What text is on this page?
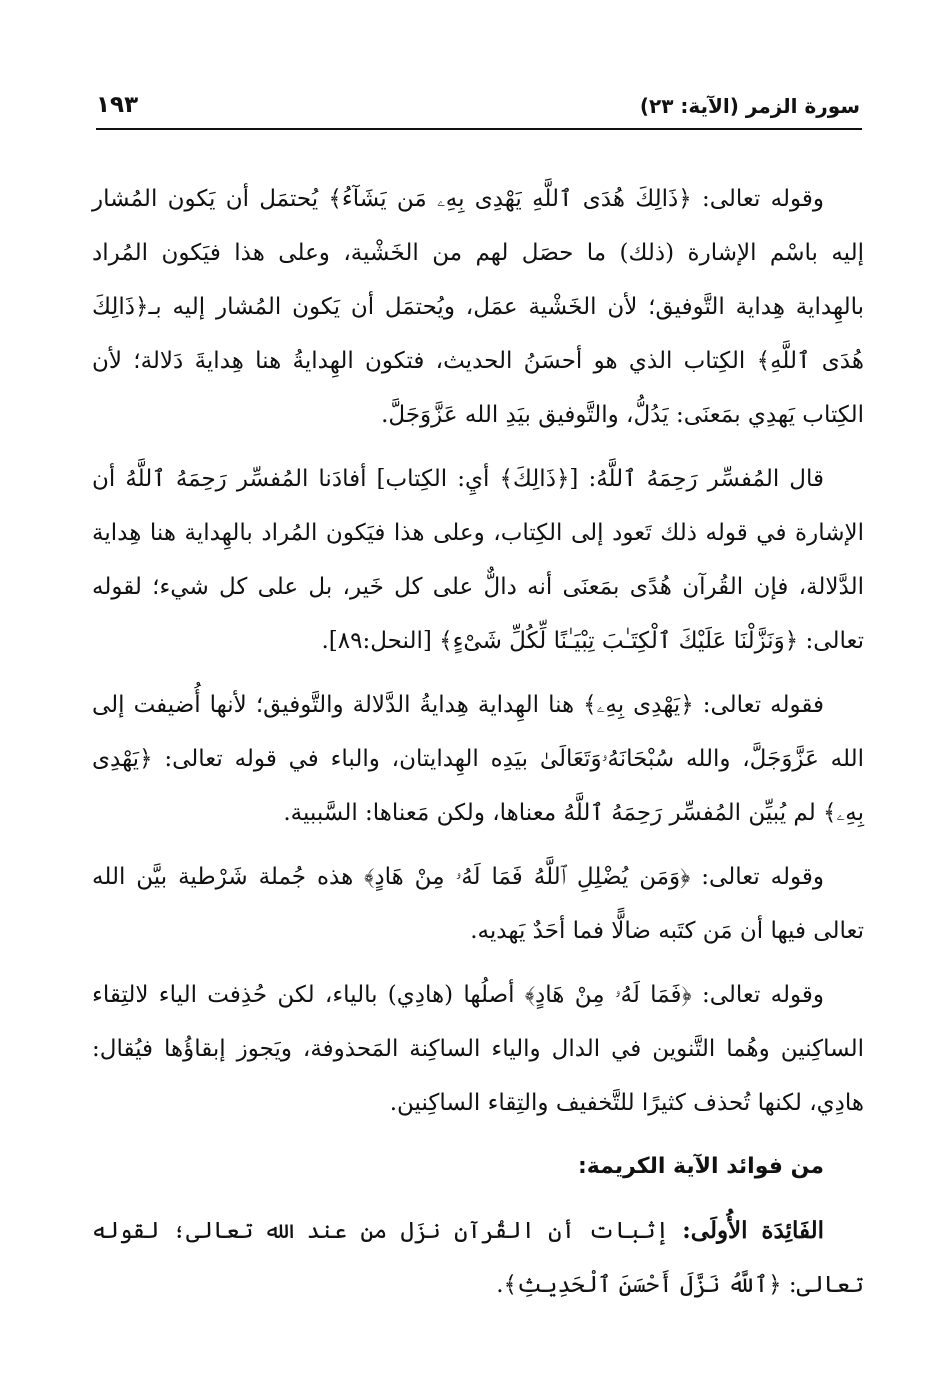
سورة الزمر (الآية: ٢٣)
١٩٣

وقوله تعالى: ﴿ذَالِكَ هُدَى ٱللَّهِ يَهْدِى بِهِۦ مَن يَشَآءُ﴾ يُحتمَل أن يَكون المُشار إليه باسْم الإشارة (ذلك) ما حصَل لهم من الخَشْية، وعلى هذا فيَكون المُراد بالهِداية هِداية التَّوفيق؛ لأن الخَشْية عمَل، ويُحتمَل أن يَكون المُشار إليه بـ﴿ذَالِكَ هُدَى ٱللَّهِ﴾ الكِتاب الذي هو أحسَنُ الحديث، فتكون الهِدايةُ هنا هِدايةَ دَلالة؛ لأن الكِتاب يَهدِي بمَعنَى: يَدُلُّ، والتَّوفيق بيَدِ الله عَزَّوَجَلَّ.

قال المُفسِّر رَحِمَهُ ٱللَّهُ: [﴿ذَالِكَ﴾ أيِ: الكِتاب] أفادَنا المُفسِّر رَحِمَهُ ٱللَّهُ أن الإشارة في قوله ذلك تَعود إلى الكِتاب، وعلى هذا فيَكون المُراد بالهِداية هنا هِداية الدَّلالة، فإن القُرآن هُدًى بمَعنَى أنه دالٌّ على كل خَير، بل على كل شيء؛ لقوله تعالى: ﴿وَنَزَّلْنَا عَلَيْكَ ٱلْكِتَـٰبَ تِبْيَـٰنًا لِّكُلِّ شَىْءٍ﴾ [النحل:٨٩].

فقوله تعالى: ﴿يَهْدِى بِهِۦ﴾ هنا الهِداية هِدايةُ الدَّلالة والتَّوفيق؛ لأنها أُضيفت إلى الله عَزَّوَجَلَّ، والله سُبْحَانَهُۥوَتَعَالَىٰ بيَدِه الهِدايتان، والباء في قوله تعالى: ﴿يَهْدِى بِهِۦ﴾ لم يُبيِّن المُفسِّر رَحِمَهُ ٱللَّهُ معناها، ولكن مَعناها: السَّببية.

وقوله تعالى: ﴿وَمَن يُضْلِلِ ٱللَّهُ فَمَا لَهُۥ مِنْ هَادٍ﴾ هذه جُملة شَرْطية بيَّن الله تعالى فيها أن مَن كتَبه ضالًّا فما أحَدٌ يَهديه.

وقوله تعالى: ﴿فَمَا لَهُۥ مِنْ هَادٍ﴾ أصلُها (هادِي) بالياء، لكن حُذِفت الياء لالتِقاء الساكِنين وهُما التَّنوين في الدال والياء الساكِنة المَحذوفة، ويَجوز إبقاؤُها فيُقال: هادِي، لكنها تُحذف كثيرًا للتَّخفيف والتِقاء الساكِنين.

من فوائد الآية الكريمة:

الفَائِدَة الأُولَى: إثبات أن القُرآن نزَل من عند الله تعالى؛ لقوله تعالى: ﴿ٱللَّهُ نَزَّلَ أَحْسَنَ ٱلْحَدِيثِ﴾.
